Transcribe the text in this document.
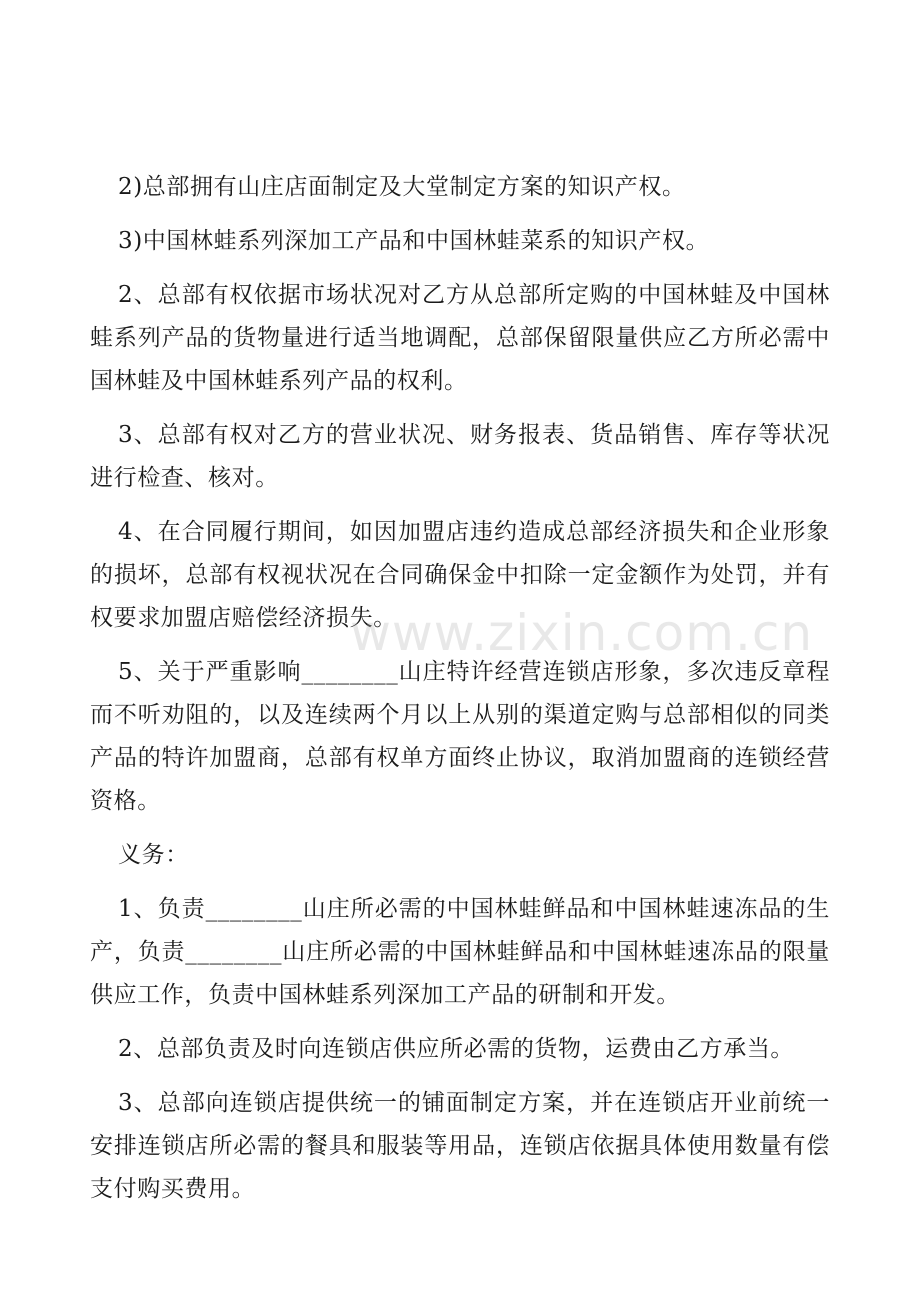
2)总部拥有山庄店面制定及大堂制定方案的知识产权。

3)中国林蛙系列深加工产品和中国林蛙菜系的知识产权。

2、总部有权依据市场状况对乙方从总部所定购的中国林蛙及中国林蛙系列产品的货物量进行适当地调配，总部保留限量供应乙方所必需中国林蛙及中国林蛙系列产品的权利。

3、总部有权对乙方的营业状况、财务报表、货品销售、库存等状况进行检查、核对。

4、在合同履行期间，如因加盟店违约造成总部经济损失和企业形象的损坏，总部有权视状况在合同确保金中扣除一定金额作为处罚，并有权要求加盟店赔偿经济损失。

5、关于严重影响________山庄特许经营连锁店形象，多次违反章程而不听劝阻的，以及连续两个月以上从别的渠道定购与总部相似的同类产品的特许加盟商，总部有权单方面终止协议，取消加盟商的连锁经营资格。

义务：

1、负责________山庄所必需的中国林蛙鲜品和中国林蛙速冻品的生产，负责________山庄所必需的中国林蛙鲜品和中国林蛙速冻品的限量供应工作，负责中国林蛙系列深加工产品的研制和开发。

2、总部负责及时向连锁店供应所必需的货物，运费由乙方承当。

3、总部向连锁店提供统一的铺面制定方案，并在连锁店开业前统一安排连锁店所必需的餐具和服装等用品，连锁店依据具体使用数量有偿支付购买费用。

www.zixin.com.cn
